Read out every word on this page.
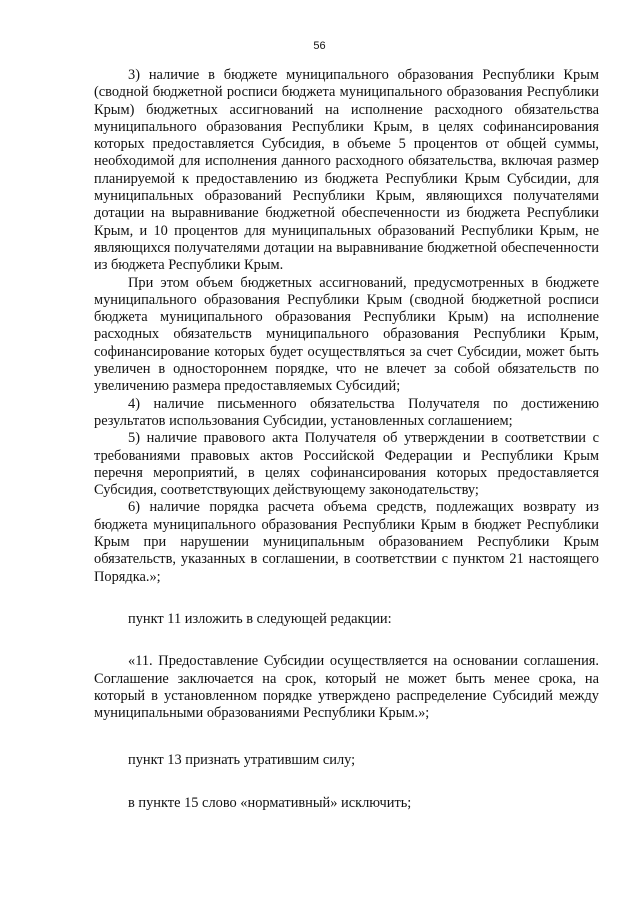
56

3) наличие в бюджете муниципального образования Республики Крым (сводной бюджетной росписи бюджета муниципального образования Республики Крым) бюджетных ассигнований на исполнение расходного обязательства муниципального образования Республики Крым, в целях софинансирования которых предоставляется Субсидия, в объеме 5 процентов от общей суммы, необходимой для исполнения данного расходного обязательства, включая размер планируемой к предоставлению из бюджета Республики Крым Субсидии, для муниципальных образований Республики Крым, являющихся получателями дотации на выравнивание бюджетной обеспеченности из бюджета Республики Крым, и 10 процентов для муниципальных образований Республики Крым, не являющихся получателями дотации на выравнивание бюджетной обеспеченности из бюджета Республики Крым.

При этом объем бюджетных ассигнований, предусмотренных в бюджете муниципального образования Республики Крым (сводной бюджетной росписи бюджета муниципального образования Республики Крым) на исполнение расходных обязательств муниципального образования Республики Крым, софинансирование которых будет осуществляться за счет Субсидии, может быть увеличен в одностороннем порядке, что не влечет за собой обязательств по увеличению размера предоставляемых Субсидий;

4) наличие письменного обязательства Получателя по достижению результатов использования Субсидии, установленных соглашением;

5) наличие правового акта Получателя об утверждении в соответствии с требованиями правовых актов Российской Федерации и Республики Крым перечня мероприятий, в целях софинансирования которых предоставляется Субсидия, соответствующих действующему законодательству;

6) наличие порядка расчета объема средств, подлежащих возврату из бюджета муниципального образования Республики Крым в бюджет Республики Крым при нарушении муниципальным образованием Республики Крым обязательств, указанных в соглашении, в соответствии с пунктом 21 настоящего Порядка.»;

пункт 11 изложить в следующей редакции:

«11. Предоставление Субсидии осуществляется на основании соглашения. Соглашение заключается на срок, который не может быть менее срока, на который в установленном порядке утверждено распределение Субсидий между муниципальными образованиями Республики Крым.»;

пункт 13 признать утратившим силу;

в пункте 15 слово «нормативный» исключить;
